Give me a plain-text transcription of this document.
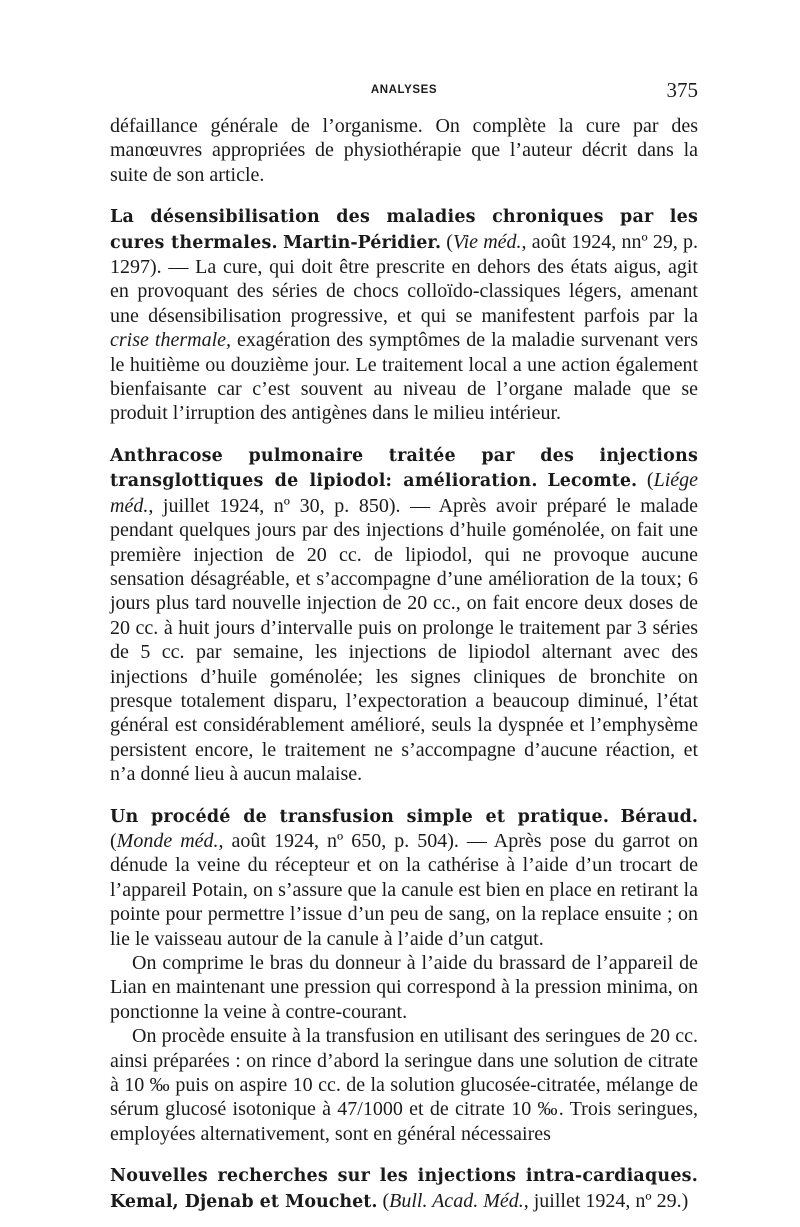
ANALYSES	375

défaillance générale de l’organisme. On complète la cure par des manœuvres appropriées de physiothérapie que l’auteur décrit dans la suite de son article.

La désensibilisation des maladies chroniques par les cures thermales. Martin-Péridier. (Vie méd., août 1924, nnº 29, p. 1297). — La cure, qui doit être prescrite en dehors des états aigus, agit en provoquant des séries de chocs colloïdo-classiques légers, amenant une désensibilisation progressive, et qui se manifestent parfois par la crise thermale, exagération des symptômes de la maladie survenant vers le huitième ou douzième jour. Le traitement local a une action également bienfaisante car c’est souvent au niveau de l’organe malade que se produit l’irruption des antigènes dans le milieu intérieur.

Anthracose pulmonaire traitée par des injections transglottiques de lipiodol: amélioration. Lecomte. (Liége méd., juillet 1924, nº 30, p. 850). — Après avoir préparé le malade pendant quelques jours par des injections d’huile goménolée, on fait une première injection de 20 cc. de lipiodol, qui ne provoque aucune sensation désagréable, et s’accompagne d’une amélioration de la toux; 6 jours plus tard nouvelle injection de 20 cc., on fait encore deux doses de 20 cc. à huit jours d’intervalle puis on prolonge le traitement par 3 séries de 5 cc. par semaine, les injections de lipiodol alternant avec des injections d’huile goménolée; les signes cliniques de bronchite on presque totalement disparu, l’expectoration a beaucoup diminué, l’état général est considérablement amélioré, seuls la dyspnée et l’emphysème persistent encore, le traitement ne s’accompagne d’aucune réaction, et n’a donné lieu à aucun malaise.

Un procédé de transfusion simple et pratique. Béraud. (Monde méd., août 1924, nº 650, p. 504). — Après pose du garrot on dénude la veine du récepteur et on la cathérise à l’aide d’un trocart de l’appareil Potain, on s’assure que la canule est bien en place en retirant la pointe pour permettre l’issue d’un peu de sang, on la replace ensuite ; on lie le vaisseau autour de la canule à l’aide d’un catgut.

On comprime le bras du donneur à l’aide du brassard de l’appareil de Lian en maintenant une pression qui correspond à la pression minima, on ponctionne la veine à contre-courant.

On procède ensuite à la transfusion en utilisant des seringues de 20 cc. ainsi préparées : on rince d’abord la seringue dans une solution de citrate à 10 ‰ puis on aspire 10 cc. de la solution glucosée-citratée, mélange de sérum glucosé isotonique à 47/1000 et de citrate 10 ‰. Trois seringues, employées alternativement, sont en général nécessaires

Nouvelles recherches sur les injections intra-cardiaques. Kemal, Djenab et Mouchet. (Bull. Acad. Méd., juillet 1924, nº 29.)
